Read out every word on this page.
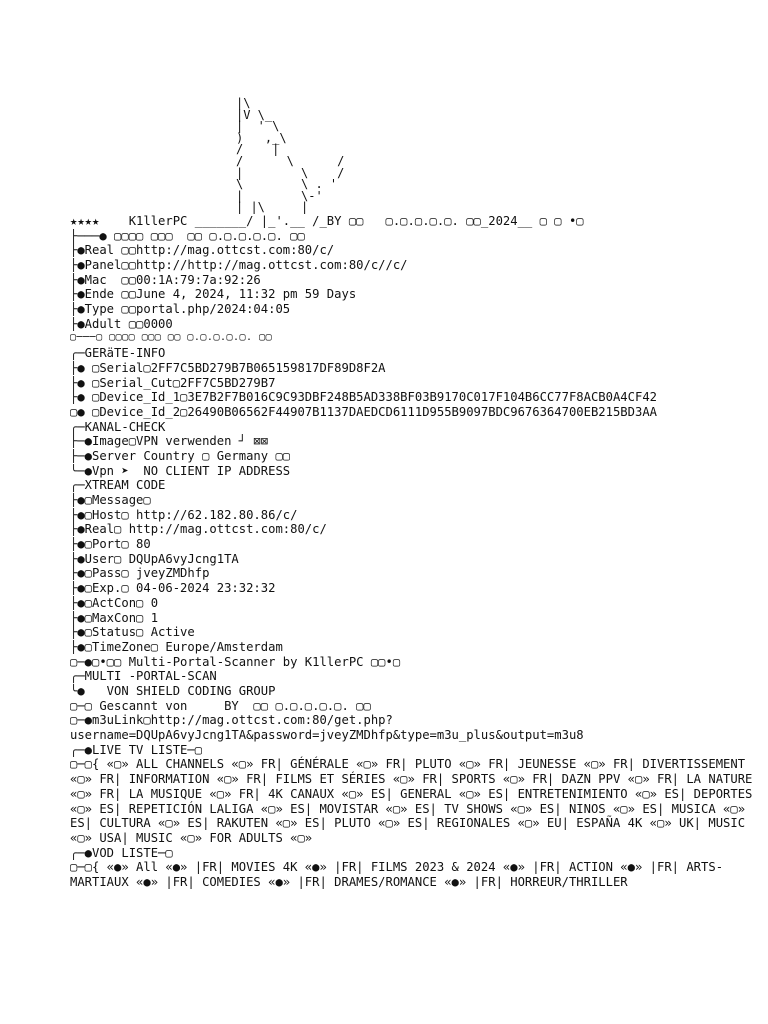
|\
|V \_
|  ' \
)   ,_\
/    |
/      \      /
|        \    /
\        \ . '
|        \-'
| |\     |
★★★★    K1llerPC _______/ |_'.__ /_BY ▢▢   ▢.▢.▢.▢.▢. ▢▢_2024__ ▢ ▢ •▢
├───● ▢▢▢▢ ▢▢▢  ▢▢ ▢.▢.▢.▢.▢. ▢▢
├●Real ▢▢http://mag.ottcst.com:80/c/
├●Panel▢▢http://http://mag.ottcst.com:80/c//c/
├●Mac  ▢▢00:1A:79:7a:92:26
├●Ende ▢▢June 4, 2024, 11:32 pm 59 Days
├●Type ▢▢portal.php/2024:04:05
├●Adult ▢▢0000
▢───▢ ▢▢▢▢ ▢▢▢ ▢▢ ▢.▢.▢.▢.▢. ▢▢
╭─GERäTE-INFO
├● ▢Serial▢2FF7C5BD279B7B065159817DF89D8F2A
├● ▢Serial_Cut▢2FF7C5BD279B7
├● ▢Device_Id_1▢3E7B2F7B016C9C93DBF248B5AD338BF03B9170C017F104B6CC77F8ACB0A4CF42
▢● ▢Device_Id_2▢26490B06562F44907B1137DAEDCD6111D955B9097BDC9676364700EB215BD3AA
╭─KANAL-CHECK
├─●Image▢VPN verwenden ┘ ⊠⊠
├─●Server Country ▢ Germany ▢▢
╰─●Vpn ➤  NO CLIENT IP ADDRESS
╭─XTREAM CODE
├●▢Message▢
├●▢Host▢ http://62.182.80.86/c/
├●Real▢ http://mag.ottcst.com:80/c/
├●▢Port▢ 80
├●User▢ DQUpA6vyJcng1TA
├●▢Pass▢ jveyZMDhfp
├●▢Exp.▢ 04-06-2024 23:32:32
├●▢ActCon▢ 0
├●▢MaxCon▢ 1
├●▢Status▢ Active
├●▢TimeZone▢ Europe/Amsterdam
▢─●▢•▢▢ Multi-Portal-Scanner by K1llerPC ▢▢•▢
╭─MULTI -PORTAL-SCAN
╰●   VON SHIELD CODING GROUP
▢─▢ Gescannt von     BY  ▢▢ ▢.▢.▢.▢.▢. ▢▢
▢─●m3uLink▢http://mag.ottcst.com:80/get.php?username=DQUpA6vyJcng1TA&password=jveyZMDhfp&type=m3u_plus&output=m3u8
╭─●LIVE TV LISTE─▢
▢─▢{ «▢» ALL CHANNELS «▢» FR| GÉNÉRALE «▢» FR| PLUTO «▢» FR| JEUNESSE «▢» FR| DIVERTISSEMENT «▢» FR| INFORMATION «▢» FR| FILMS ET SÉRIES «▢» FR| SPORTS «▢» FR| DAZN PPV «▢» FR| LA NATURE «▢» FR| LA MUSIQUE «▢» FR| 4K CANAUX «▢» ES| GENERAL «▢» ES| ENTRETENIMIENTO «▢» ES| DEPORTES «▢» ES| REPETICIÓN LALIGA «▢» ES| MOVISTAR «▢» ES| TV SHOWS «▢» ES| NINOS «▢» ES| MUSICA «▢» ES| CULTURA «▢» ES| RAKUTEN «▢» ES| PLUTO «▢» ES| REGIONALES «▢» EU| ESPAÑA 4K «▢» UK| MUSIC «▢» USA| MUSIC «▢» FOR ADULTS «▢»
╭─●VOD LISTE─▢
▢─▢{ «●» All «●» |FR| MOVIES 4K «●» |FR| FILMS 2023 & 2024 «●» |FR| ACTION «●» |FR| ARTS-MARTIAUX «●» |FR| COMEDIES «●» |FR| DRAMES/ROMANCE «●» |FR| HORREUR/THRILLER
